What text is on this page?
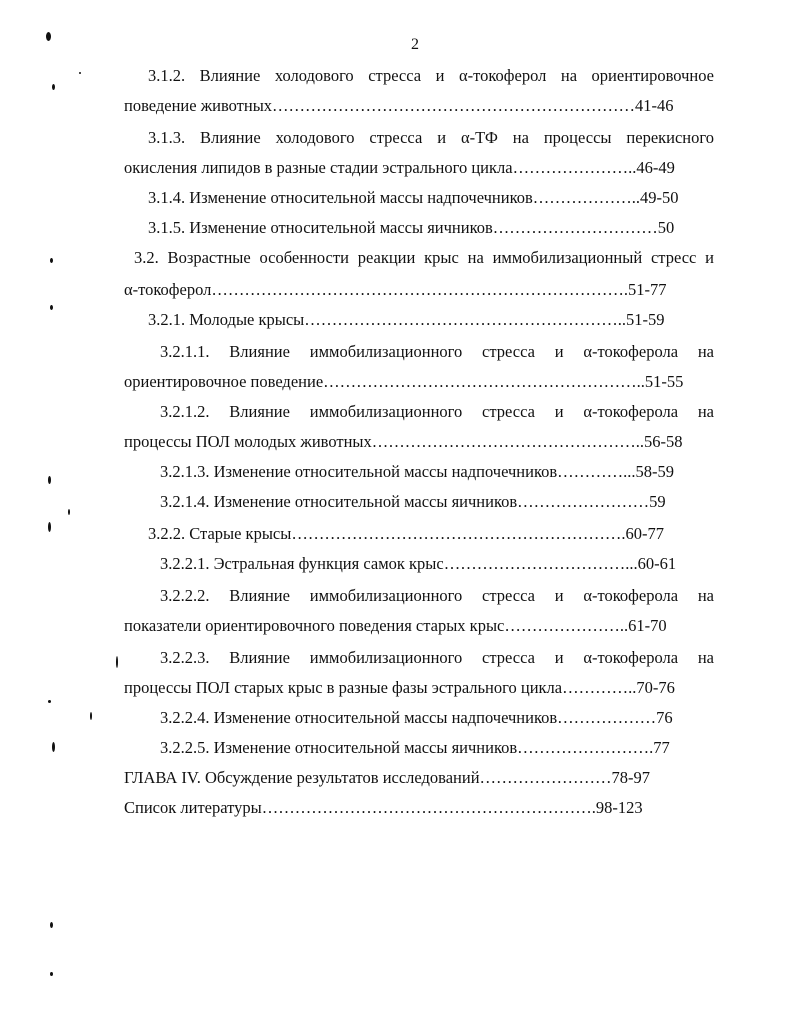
2
3.1.2. Влияние холодового стресса и α-токоферол на ориентировочное
поведение животных…………………………………………………………41-46
3.1.3. Влияние холодового стресса и α-ТФ на процессы перекисного
окисления липидов в разные стадии эстрального цикла…………………..46-49
3.1.4. Изменение относительной массы надпочечников………………..49-50
3.1.5. Изменение относительной массы яичников…………………………50
3.2. Возрастные особенности реакции крыс на иммобилизационный стресс и
α-токоферол………………………………………………………………….51-77
3.2.1. Молодые крысы…………………………………………………..51-59
3.2.1.1. Влияние иммобилизационного стресса и α-токоферола на
ориентировочное поведение…………………………………………………..51-55
3.2.1.2. Влияние иммобилизационного стресса и α-токоферола на
процессы ПОЛ молодых животных…………………………………………..56-58
3.2.1.3. Изменение относительной массы надпочечников…………...58-59
3.2.1.4. Изменение относительной массы яичников……………………59
3.2.2. Старые крысы…………………………………………………….60-77
3.2.2.1. Эстральная функция самок крыс……………………………...60-61
3.2.2.2. Влияние иммобилизационного стресса и α-токоферола на
показатели ориентировочного поведения старых крыс…………………..61-70
3.2.2.3. Влияние иммобилизационного стресса и α-токоферола на
процессы ПОЛ старых крыс в разные фазы эстрального цикла…………..70-76
3.2.2.4. Изменение относительной массы надпочечников………………76
3.2.2.5. Изменение относительной массы яичников…………………….77
ГЛАВА IV. Обсуждение результатов исследований……………………78-97
Список литературы…………………………………………………….98-123
